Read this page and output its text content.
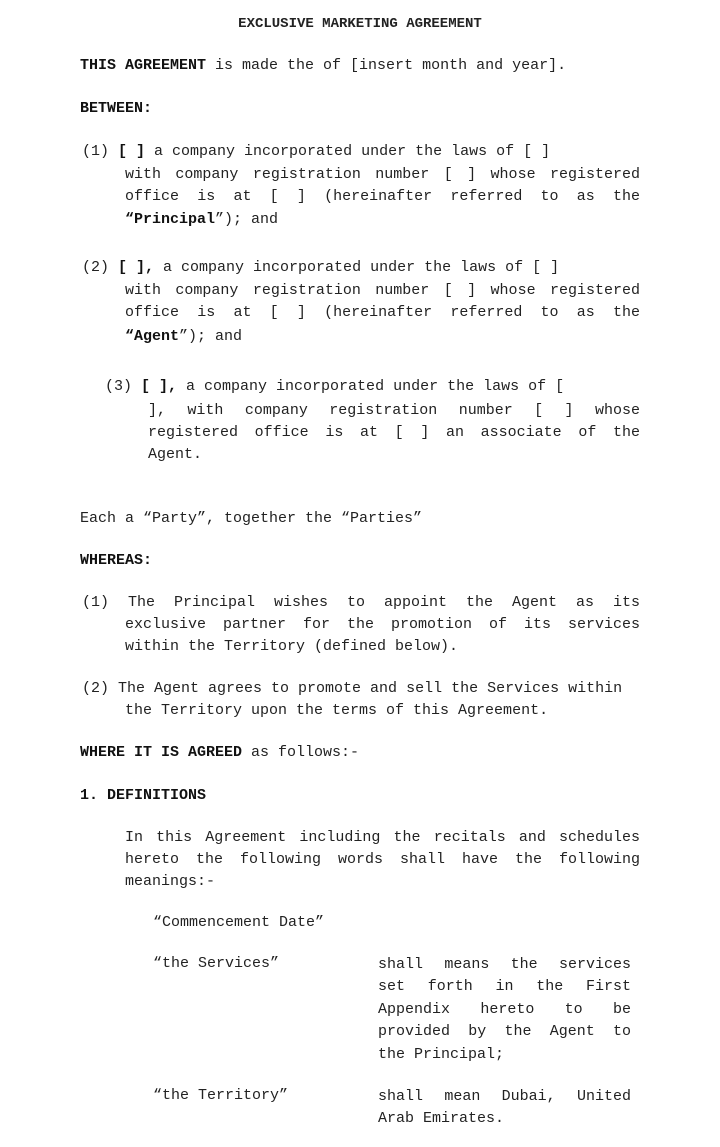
EXCLUSIVE MARKETING AGREEMENT
THIS AGREEMENT is made the of [insert month and year].
BETWEEN:
(1) [ ] a company incorporated under the laws of [ ]
with company registration number [ ] whose registered
office is at [ ] (hereinafter referred to as the
“Principal”); and
(2) [ ], a company incorporated under the laws of [ ]
with company registration number [ ] whose registered
office is at [ ] (hereinafter referred to as the
“Agent”); and
(3) [ ], a company incorporated under the laws of [
], with company registration number [ ] whose
registered office is at [ ] an associate of the
Agent.
Each a “Party”, together the “Parties”
WHEREAS:
(1) The Principal wishes to appoint the Agent as its
exclusive partner for the promotion of its services
within the Territory (defined below).
(2) The Agent agrees to promote and sell the Services within
the Territory upon the terms of this Agreement.
WHERE IT IS AGREED as follows:-
1. DEFINITIONS
In this Agreement including the recitals and schedules
hereto the following words shall have the following
meanings:-
“Commencement Date”
“the Services”	shall means the services
set forth in the First
Appendix hereto to be
provided by the Agent to
the Principal;
“the Territory”	shall mean Dubai, United
Arab Emirates.
